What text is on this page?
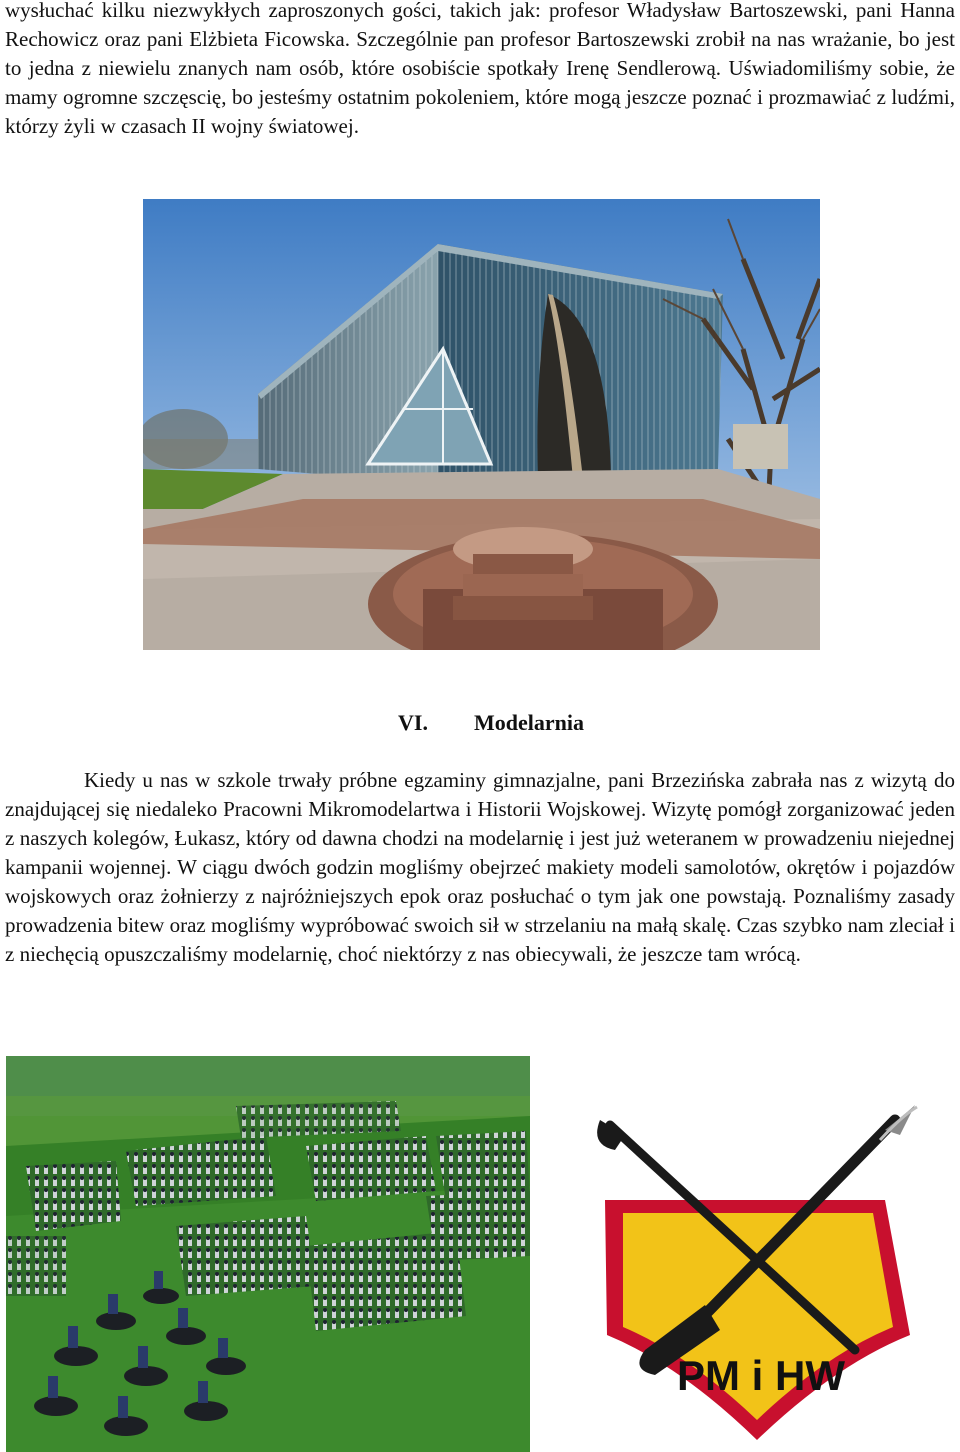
wysłuchać kilku niezwykłych zaproszonych gości, takich jak: profesor Władysław Bartoszewski, pani Hanna Rechowicz oraz pani Elżbieta Ficowska. Szczególnie pan profesor Bartoszewski zrobił na nas wrażanie, bo jest to jedna z niewielu znanych nam osób, które osobiście spotkały Irenę Sendlerową. Uświadomiliśmy sobie, że mamy ogromne szczęscię, bo jesteśmy ostatnim pokoleniem, które mogą jeszcze poznać i prozmawiać z ludźmi, którzy żyli w czasach II wojny światowej.

VI. Modelarnia

Kiedy u nas w szkole trwały próbne egzaminy gimnazjalne, pani Brzezińska zabrała nas z wizytą do znajdującej się niedaleko Pracowni Mikromodelartwa i Historii Wojskowej. Wizytę pomógł zorganizować jeden z naszych kolegów, Łukasz, który od dawna chodzi na modelarnię i jest już weteranem w prowadzeniu niejednej kampanii wojennej. W ciągu dwóch godzin mogliśmy obejrzeć makiety modeli samolotów, okrętów i pojazdów wojskowych oraz żołnierzy z najróżniejszych epok oraz posłuchać o tym jak one powstają. Poznaliśmy zasady prowadzenia bitew oraz mogliśmy wypróbować swoich sił w strzelaniu na małą skalę. Czas szybko nam zleciał i z niechęcią opuszczaliśmy modelarnię, choć niektórzy z nas obiecywali, że jeszcze tam wrócą.

PM i HW
